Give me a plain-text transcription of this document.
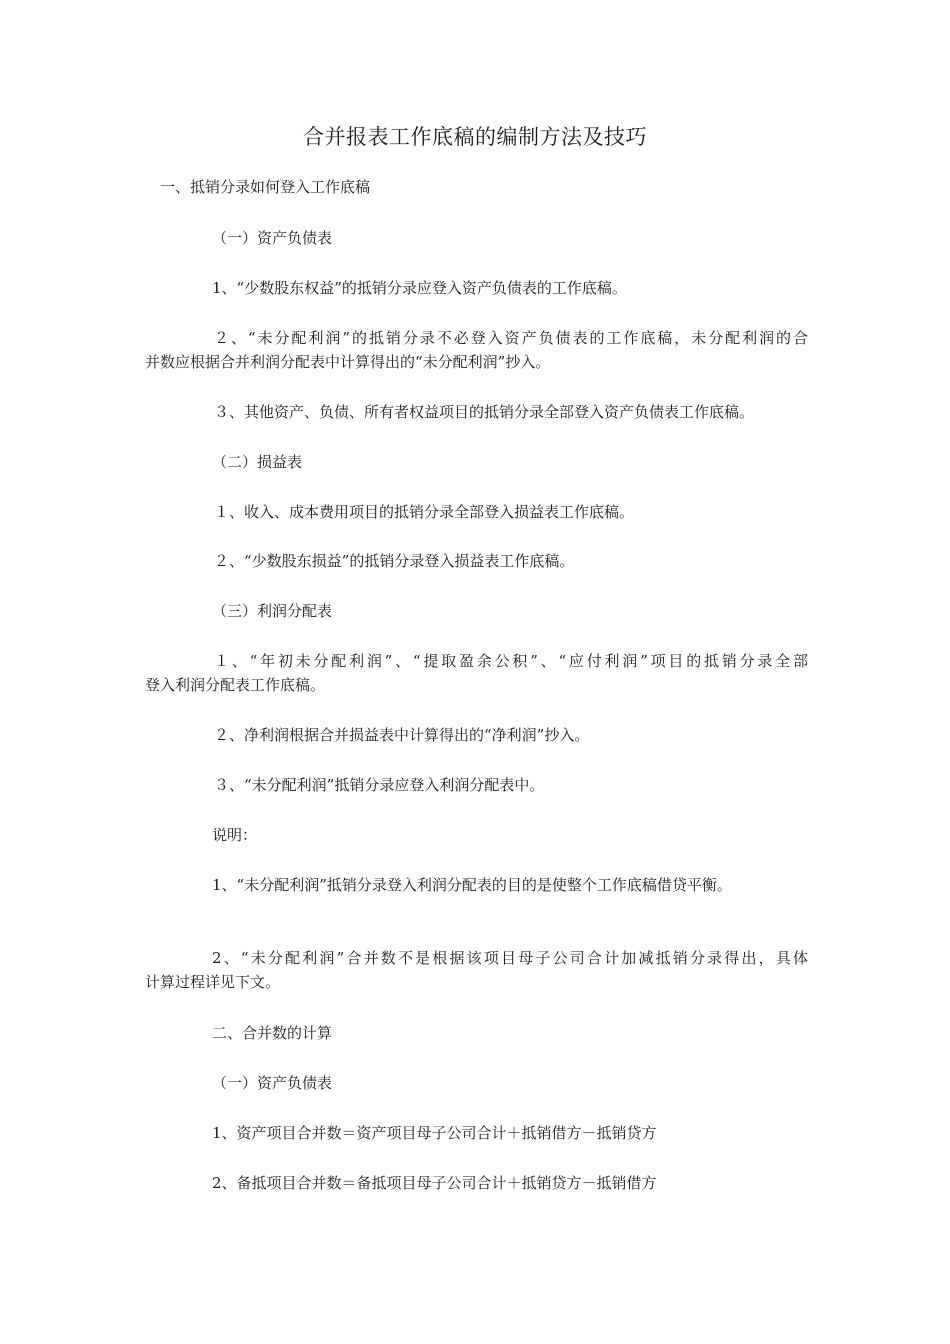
合并报表工作底稿的编制方法及技巧
一、抵销分录如何登入工作底稿
（一）资产负债表
1、“少数股东权益”的抵销分录应登入资产负债表的工作底稿。
２、“未分配利润”的抵销分录不必登入资产负债表的工作底稿，未分配利润的合
并数应根据合并利润分配表中计算得出的“未分配利润”抄入。
３、其他资产、负债、所有者权益项目的抵销分录全部登入资产负债表工作底稿。
（二）损益表
１、收入、成本费用项目的抵销分录全部登入损益表工作底稿。
２、“少数股东损益”的抵销分录登入损益表工作底稿。
（三）利润分配表
１、“年初未分配利润”、“提取盈余公积”、“应付利润”项目的抵销分录全部
登入利润分配表工作底稿。
２、净利润根据合并损益表中计算得出的“净利润”抄入。
３、“未分配利润”抵销分录应登入利润分配表中。
说明：
1、“未分配利润”抵销分录登入利润分配表的目的是使整个工作底稿借贷平衡。
2、“未分配利润”合并数不是根据该项目母子公司合计加减抵销分录得出，具体
计算过程详见下文。
二、合并数的计算
（一）资产负债表
1、资产项目合并数＝资产项目母子公司合计＋抵销借方－抵销贷方
2、备抵项目合并数＝备抵项目母子公司合计＋抵销贷方－抵销借方
